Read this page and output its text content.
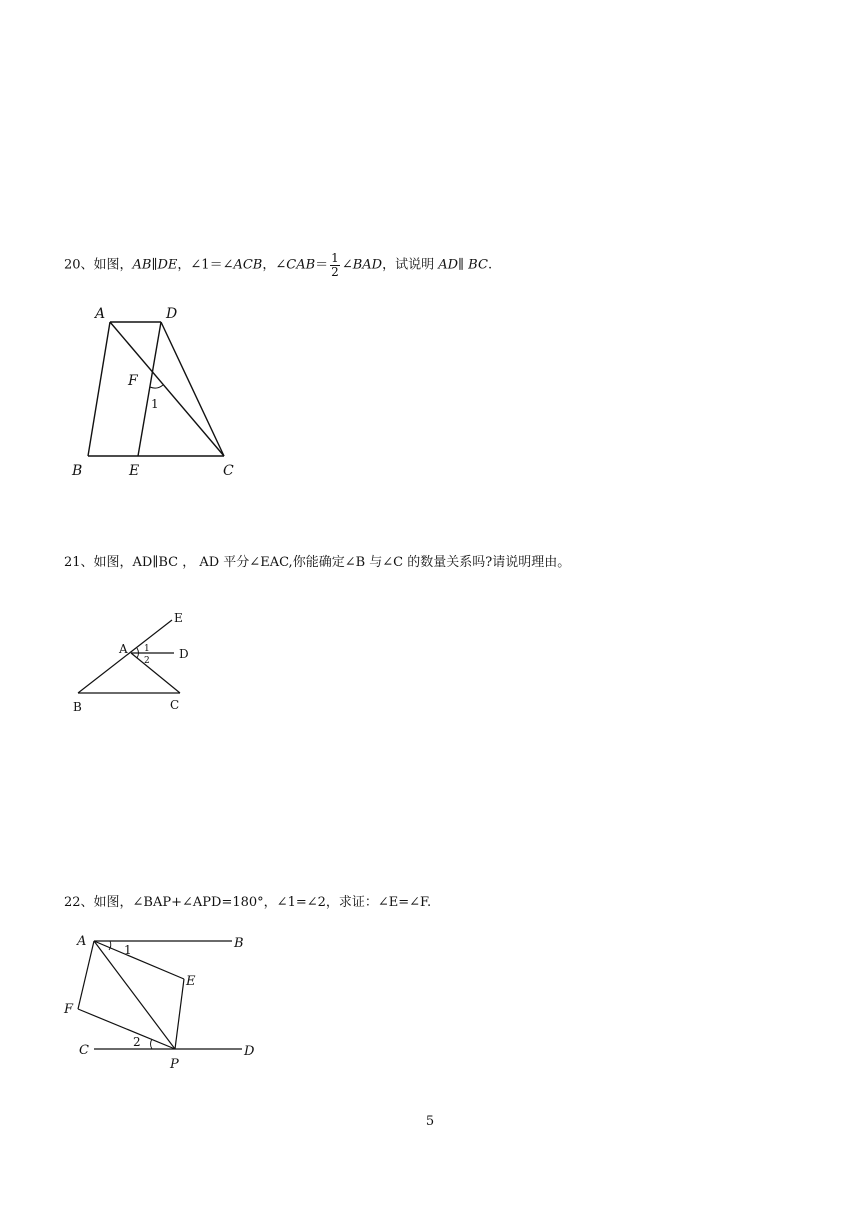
20、如图，AB∥DE，∠1＝∠ACB，∠CAB＝ $\frac{1}{2}$ ∠BAD，试说明 AD∥ BC.
A	D
F
B	E	C
1
21、如图，AD∥BC ， AD 平分∠EAC,你能确定∠B 与∠C 的数量关系吗?请说明理由。
E
A	D
B	C
1
2
22、如图，∠BAP+∠APD=180°，∠1=∠2，求证：∠E=∠F.
A	B
E
F
C
P
D
1
2
5
